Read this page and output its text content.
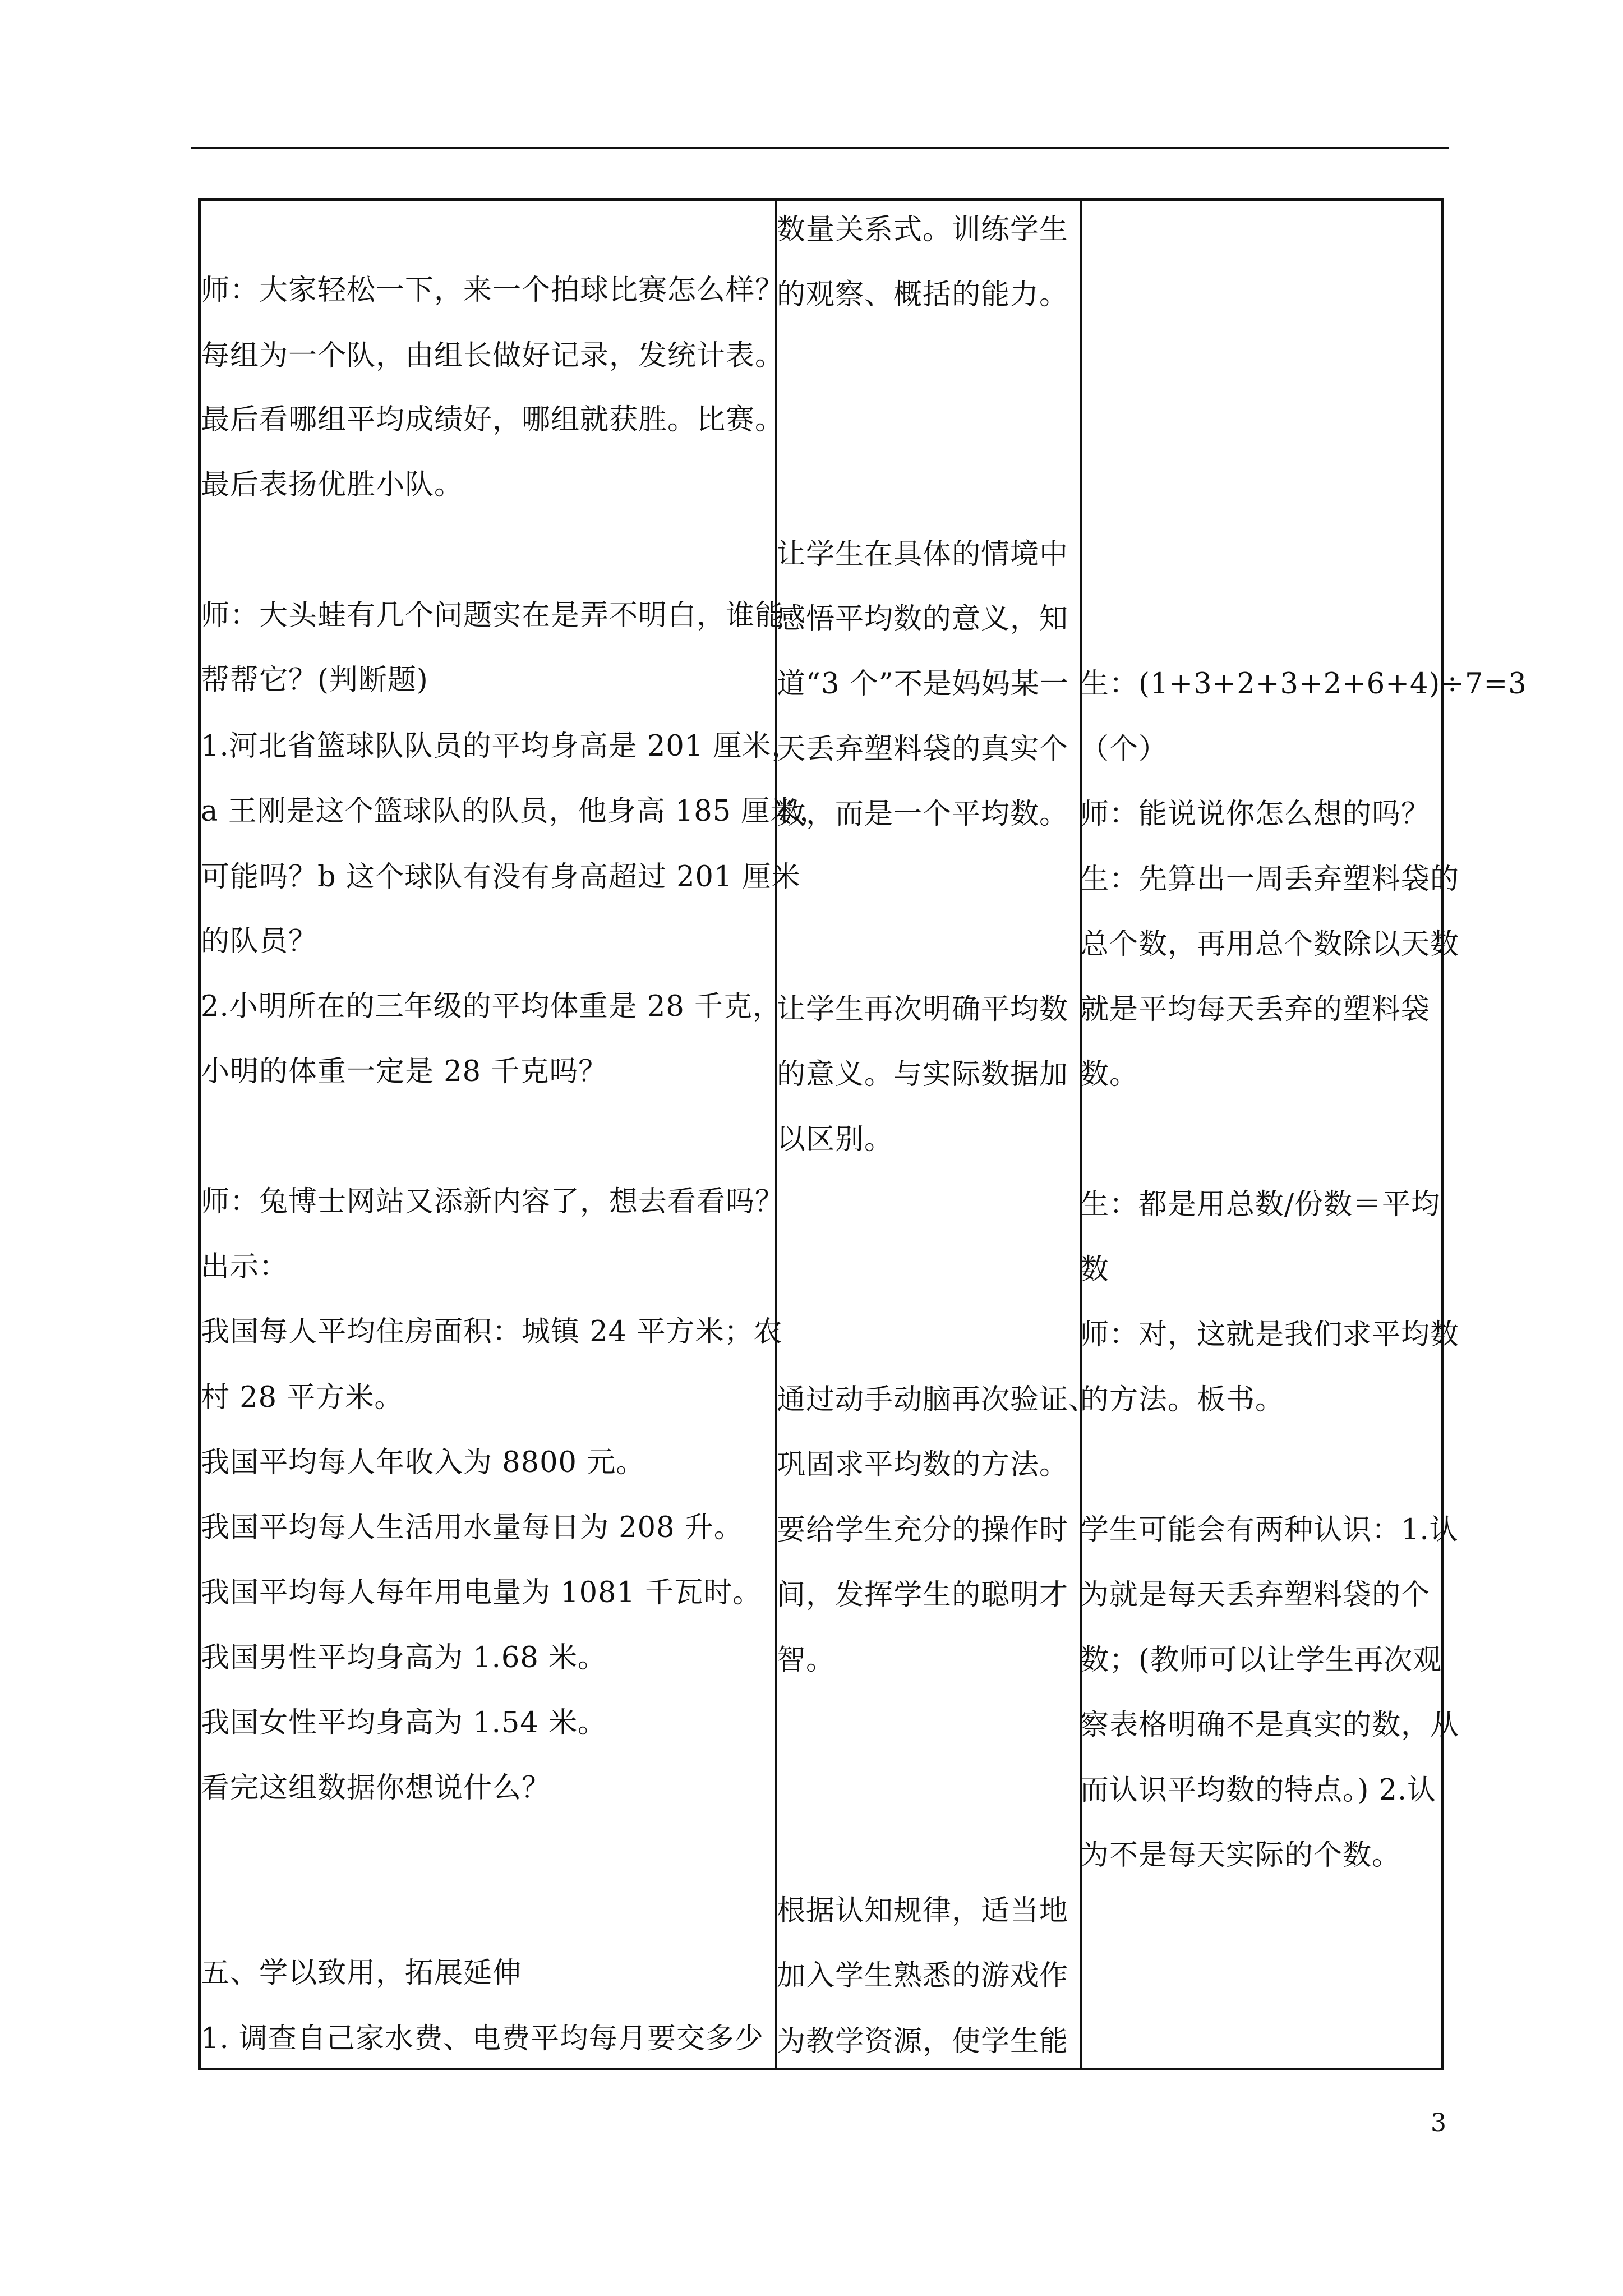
师：大家轻松一下，来一个拍球比赛怎么样？
每组为一个队，由组长做好记录，发统计表。
最后看哪组平均成绩好，哪组就获胜。比赛。
最后表扬优胜小队。
师：大头蛙有几个问题实在是弄不明白，谁能
帮帮它？(判断题)
1.河北省篮球队队员的平均身高是 201 厘米，
a 王刚是这个篮球队的队员，他身高 185 厘米，
可能吗？b 这个球队有没有身高超过 201 厘米
的队员？
2.小明所在的三年级的平均体重是 28 千克，
小明的体重一定是 28 千克吗？
师：兔博士网站又添新内容了，想去看看吗？
出示：
我国每人平均住房面积：城镇 24 平方米；农
村 28 平方米。
我国平均每人年收入为 8800 元。
我国平均每人生活用水量每日为 208 升。
我国平均每人每年用电量为 1081 千瓦时。
我国男性平均身高为 1.68 米。
我国女性平均身高为 1.54 米。
看完这组数据你想说什么？
五、学以致用，拓展延伸
1. 调查自己家水费、电费平均每月要交多少
数量关系式。训练学生
的观察、概括的能力。
让学生在具体的情境中
感悟平均数的意义，知
道“3 个”不是妈妈某一
天丢弃塑料袋的真实个
数，而是一个平均数。
让学生再次明确平均数
的意义。与实际数据加
以区别。
通过动手动脑再次验证、
巩固求平均数的方法。
要给学生充分的操作时
间，发挥学生的聪明才
智。
根据认知规律，适当地
加入学生熟悉的游戏作
为教学资源，使学生能
生：(1+3+2+3+2+6+4)÷7=3
（个）
师：能说说你怎么想的吗？
生：先算出一周丢弃塑料袋的
总个数，再用总个数除以天数
就是平均每天丢弃的塑料袋
数。
生：都是用总数/份数＝平均
数
师：对，这就是我们求平均数
的方法。板书。
学生可能会有两种认识：1.认
为就是每天丢弃塑料袋的个
数；(教师可以让学生再次观
察表格明确不是真实的数，从
而认识平均数的特点。) 2.认
为不是每天实际的个数。
3
